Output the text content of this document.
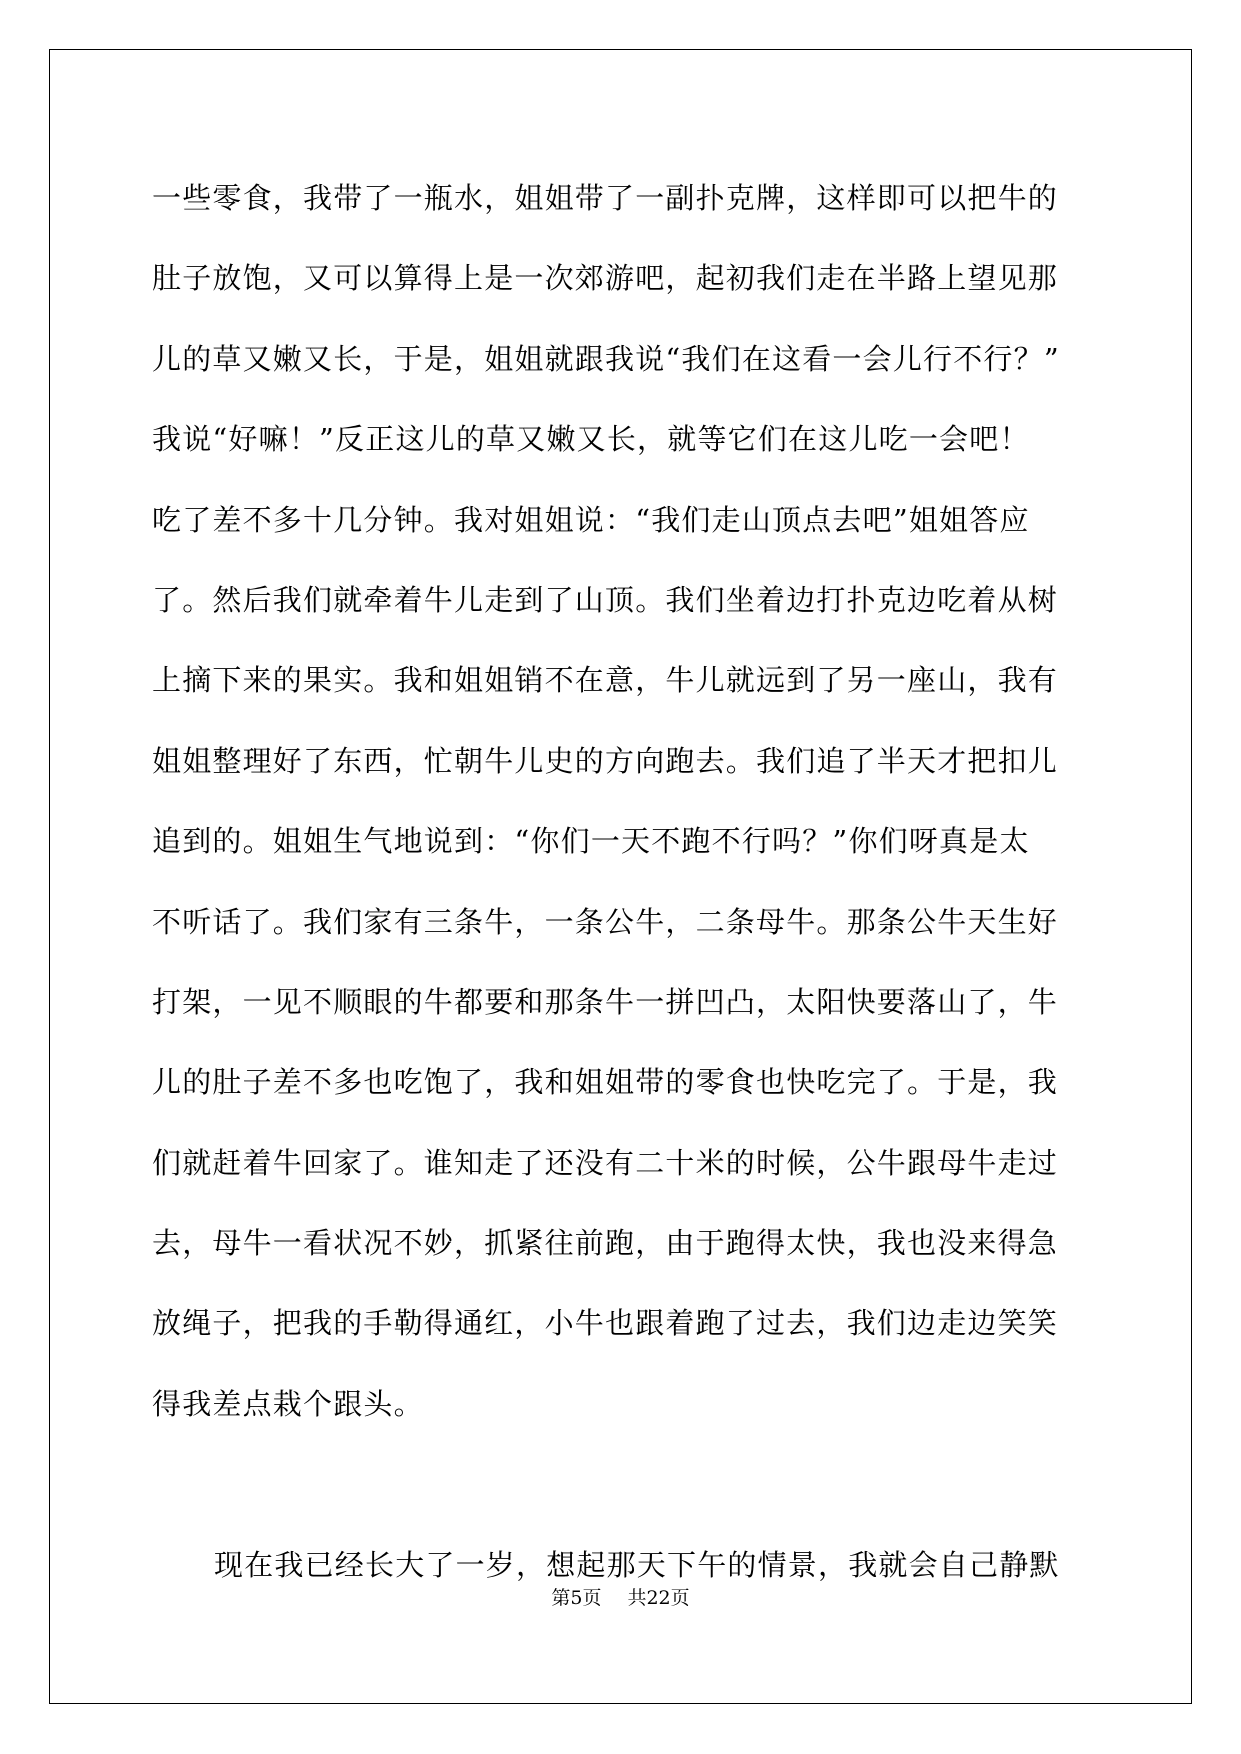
一些零食，我带了一瓶水，姐姐带了一副扑克牌，这样即可以把牛的
肚子放饱，又可以算得上是一次郊游吧，起初我们走在半路上望见那
儿的草又嫩又长，于是，姐姐就跟我说“我们在这看一会儿行不行？”
我说“好嘛！”反正这儿的草又嫩又长，就等它们在这儿吃一会吧！
吃了差不多十几分钟。我对姐姐说：“我们走山顶点去吧”姐姐答应
了。然后我们就牵着牛儿走到了山顶。我们坐着边打扑克边吃着从树
上摘下来的果实。我和姐姐销不在意，牛儿就远到了另一座山，我有
姐姐整理好了东西，忙朝牛儿史的方向跑去。我们追了半天才把扣儿
追到的。姐姐生气地说到：“你们一天不跑不行吗？”你们呀真是太
不听话了。我们家有三条牛，一条公牛，二条母牛。那条公牛天生好
打架，一见不顺眼的牛都要和那条牛一拼凹凸，太阳快要落山了，牛
儿的肚子差不多也吃饱了，我和姐姐带的零食也快吃完了。于是，我
们就赶着牛回家了。谁知走了还没有二十米的时候，公牛跟母牛走过
去，母牛一看状况不妙，抓紧往前跑，由于跑得太快，我也没来得急
放绳子，把我的手勒得通红，小牛也跟着跑了过去，我们边走边笑笑
得我差点栽个跟头。
现在我已经长大了一岁，想起那天下午的情景，我就会自己静默
第5页 共22页
